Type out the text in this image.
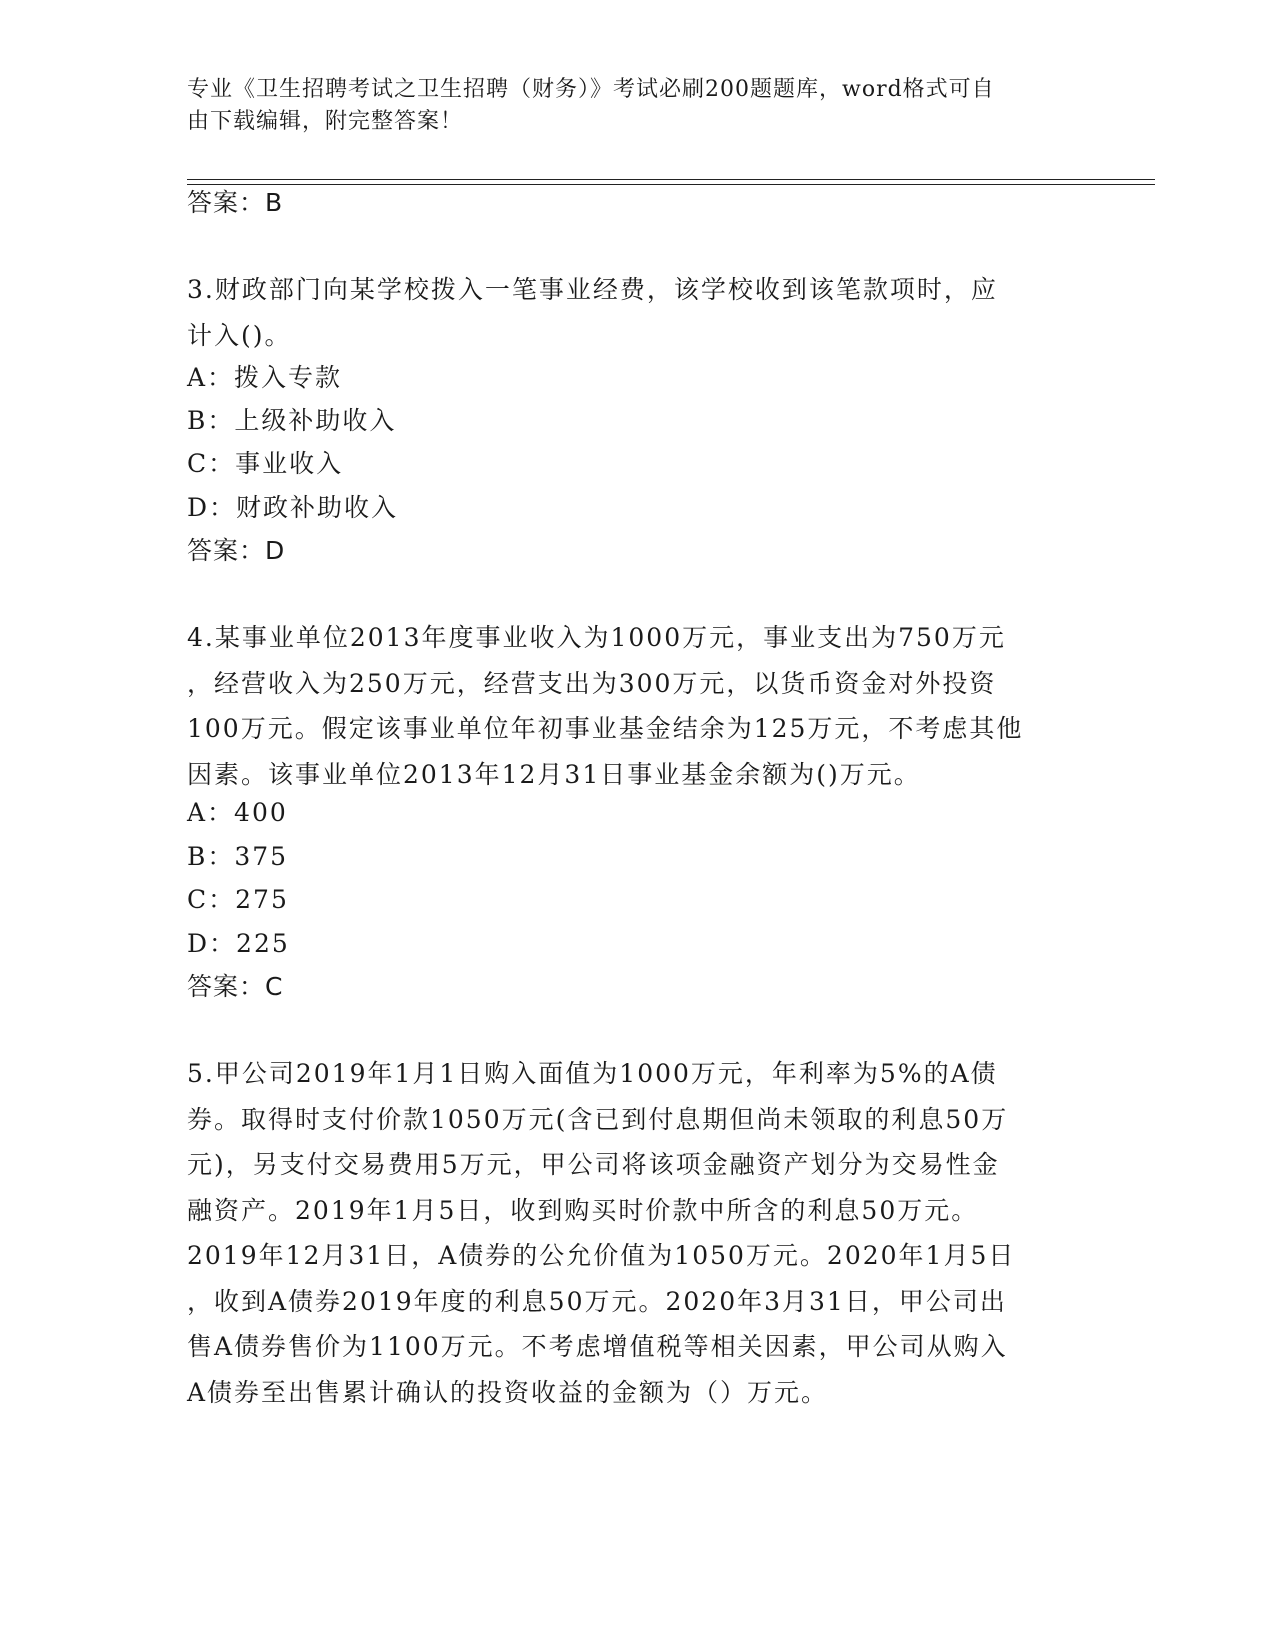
专业《卫生招聘考试之卫生招聘（财务）》考试必刷200题题库，word格式可自
由下载编辑，附完整答案！
答案：B

3.财政部门向某学校拨入一笔事业经费，该学校收到该笔款项时，应

计入()。

A：拨入专款
B：上级补助收入
C：事业收入
D：财政补助收入
答案：D

4.某事业单位2013年度事业收入为1000万元，事业支出为750万元

，经营收入为250万元，经营支出为300万元，以货币资金对外投资

100万元。假定该事业单位年初事业基金结余为125万元，不考虑其他

因素。该事业单位2013年12月31日事业基金余额为()万元。

A：400
B：375
C：275
D：225
答案：C

5.甲公司2019年1月1日购入面值为1000万元，年利率为5%的A债

券。取得时支付价款1050万元(含已到付息期但尚未领取的利息50万

元)，另支付交易费用5万元，甲公司将该项金融资产划分为交易性金

融资产。2019年1月5日，收到购买时价款中所含的利息50万元。

2019年12月31日，A债券的公允价值为1050万元。2020年1月5日

，收到A债券2019年度的利息50万元。2020年3月31日，甲公司出

售A债券售价为1100万元。不考虑增值税等相关因素，甲公司从购入

A债券至出售累计确认的投资收益的金额为（）万元。
